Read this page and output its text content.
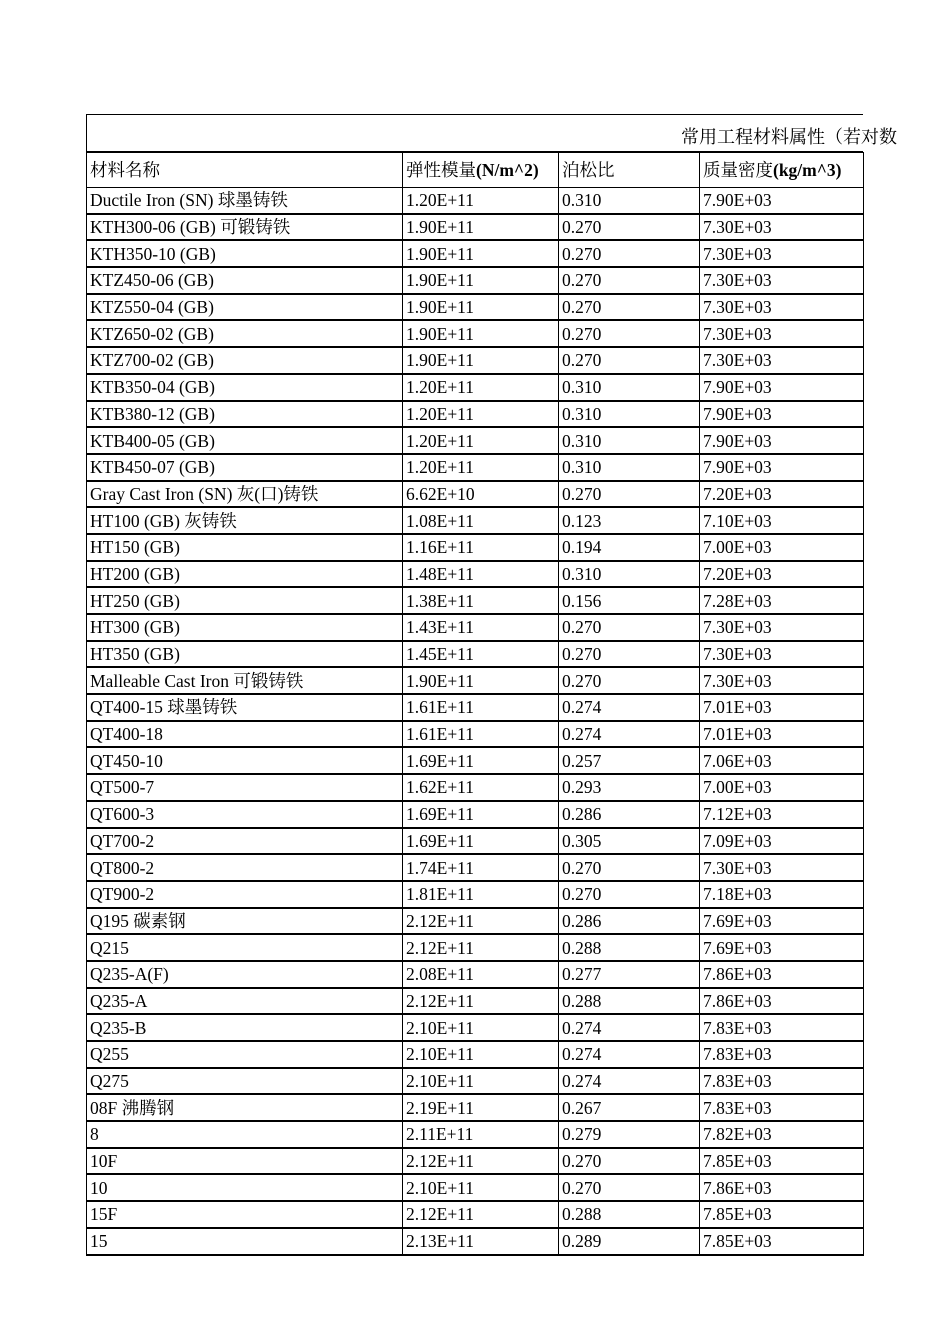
常用工程材料属性（若对数
材料名称	弹性模量(N/m^2)	泊松比	质量密度(kg/m^3)
Ductile Iron (SN) 球墨铸铁	1.20E+11	0.310	7.90E+03
KTH300-06 (GB) 可锻铸铁	1.90E+11	0.270	7.30E+03
KTH350-10 (GB)	1.90E+11	0.270	7.30E+03
KTZ450-06 (GB)	1.90E+11	0.270	7.30E+03
KTZ550-04 (GB)	1.90E+11	0.270	7.30E+03
KTZ650-02 (GB)	1.90E+11	0.270	7.30E+03
KTZ700-02 (GB)	1.90E+11	0.270	7.30E+03
KTB350-04 (GB)	1.20E+11	0.310	7.90E+03
KTB380-12 (GB)	1.20E+11	0.310	7.90E+03
KTB400-05 (GB)	1.20E+11	0.310	7.90E+03
KTB450-07 (GB)	1.20E+11	0.310	7.90E+03
Gray Cast Iron (SN) 灰(口)铸铁	6.62E+10	0.270	7.20E+03
HT100 (GB) 灰铸铁	1.08E+11	0.123	7.10E+03
HT150 (GB)	1.16E+11	0.194	7.00E+03
HT200 (GB)	1.48E+11	0.310	7.20E+03
HT250 (GB)	1.38E+11	0.156	7.28E+03
HT300 (GB)	1.43E+11	0.270	7.30E+03
HT350 (GB)	1.45E+11	0.270	7.30E+03
Malleable Cast Iron 可锻铸铁	1.90E+11	0.270	7.30E+03
QT400-15 球墨铸铁	1.61E+11	0.274	7.01E+03
QT400-18	1.61E+11	0.274	7.01E+03
QT450-10	1.69E+11	0.257	7.06E+03
QT500-7	1.62E+11	0.293	7.00E+03
QT600-3	1.69E+11	0.286	7.12E+03
QT700-2	1.69E+11	0.305	7.09E+03
QT800-2	1.74E+11	0.270	7.30E+03
QT900-2	1.81E+11	0.270	7.18E+03
Q195 碳素钢	2.12E+11	0.286	7.69E+03
Q215	2.12E+11	0.288	7.69E+03
Q235-A(F)	2.08E+11	0.277	7.86E+03
Q235-A	2.12E+11	0.288	7.86E+03
Q235-B	2.10E+11	0.274	7.83E+03
Q255	2.10E+11	0.274	7.83E+03
Q275	2.10E+11	0.274	7.83E+03
08F 沸腾钢	2.19E+11	0.267	7.83E+03
8	2.11E+11	0.279	7.82E+03
10F	2.12E+11	0.270	7.85E+03
10	2.10E+11	0.270	7.86E+03
15F	2.12E+11	0.288	7.85E+03
15	2.13E+11	0.289	7.85E+03
